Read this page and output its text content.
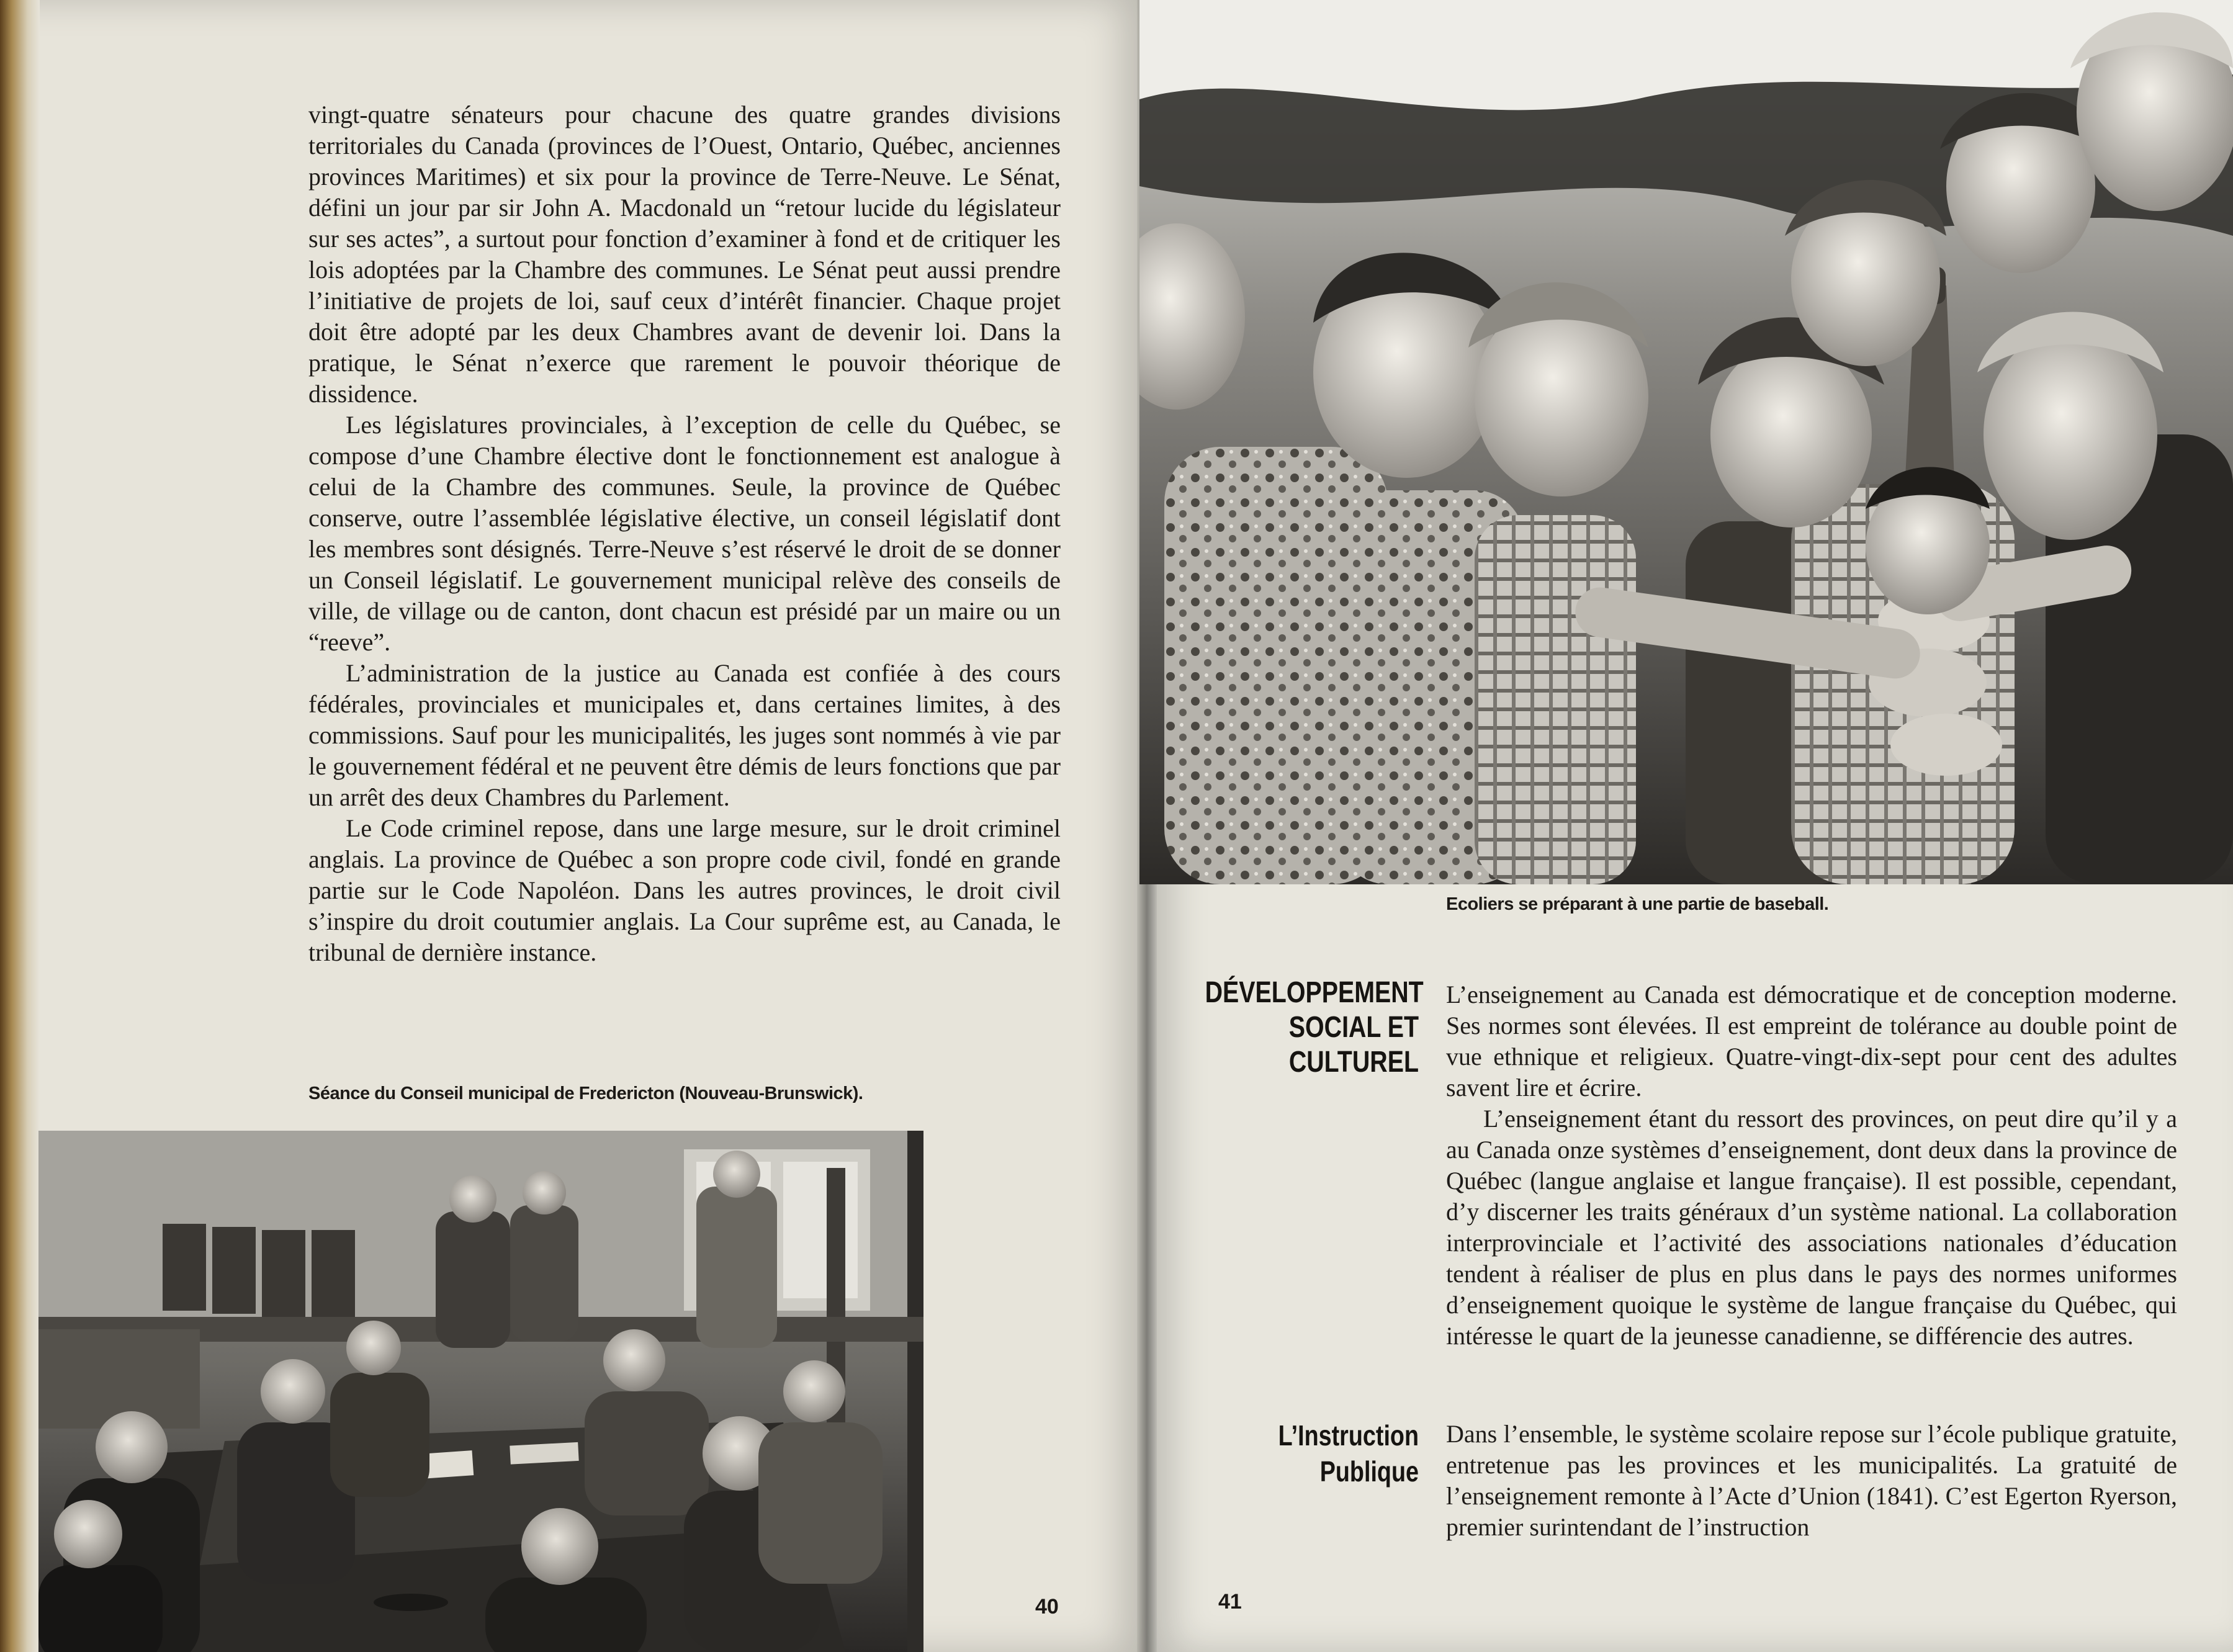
vingt-quatre sénateurs pour chacune des quatre grandes divisions territoriales du Canada (provinces de l’Ouest, Ontario, Québec, anciennes provinces Maritimes) et six pour la province de Terre-Neuve. Le Sénat, défini un jour par sir John A. Macdonald un “retour lucide du législateur sur ses actes”, a surtout pour fonction d’examiner à fond et de critiquer les lois adoptées par la Chambre des communes. Le Sénat peut aussi prendre l’initiative de projets de loi, sauf ceux d’intérêt financier. Chaque projet doit être adopté par les deux Chambres avant de devenir loi. Dans la pratique, le Sénat n’exerce que rarement le pouvoir théorique de dissidence.

Les législatures provinciales, à l’exception de celle du Québec, se compose d’une Chambre élective dont le fonctionnement est analogue à celui de la Chambre des communes. Seule, la province de Québec conserve, outre l’assemblée législative élective, un conseil législatif dont les membres sont désignés. Terre-Neuve s’est réservé le droit de se donner un Conseil législatif. Le gouvernement municipal relève des conseils de ville, de village ou de canton, dont chacun est présidé par un maire ou un “reeve”.

L’administration de la justice au Canada est confiée à des cours fédérales, provinciales et municipales et, dans certaines limites, à des commissions. Sauf pour les municipalités, les juges sont nommés à vie par le gouvernement fédéral et ne peuvent être démis de leurs fonctions que par un arrêt des deux Chambres du Parlement.

Le Code criminel repose, dans une large mesure, sur le droit criminel anglais. La province de Québec a son propre code civil, fondé en grande partie sur le Code Napoléon. Dans les autres provinces, le droit civil s’inspire du droit coutumier anglais. La Cour suprême est, au Canada, le tribunal de dernière instance.

Séance du Conseil municipal de Fredericton (Nouveau-Brunswick).
40
Ecoliers se préparant à une partie de baseball.
DÉVELOPPEMENT
SOCIAL ET
CULTUREL

L’enseignement au Canada est démocratique et de conception moderne. Ses normes sont élevées. Il est empreint de tolérance au double point de vue ethnique et religieux. Quatre-vingt-dix-sept pour cent des adultes savent lire et écrire.

L’enseignement étant du ressort des provinces, on peut dire qu’il y a au Canada onze systèmes d’enseignement, dont deux dans la province de Québec (langue anglaise et langue française). Il est possible, cependant, d’y discerner les traits généraux d’un système national. La collaboration interprovinciale et l’activité des associations nationales d’éducation tendent à réaliser de plus en plus dans le pays des normes uniformes d’enseignement quoique le système de langue française du Québec, qui intéresse le quart de la jeunesse canadienne, se différencie des autres.

L’Instruction
Publique

Dans l’ensemble, le système scolaire repose sur l’école publique gratuite, entretenue pas les provinces et les municipalités. La gratuité de l’enseignement remonte à l’Acte d’Union (1841). C’est Egerton Ryerson, premier surintendant de l’instruction

41
